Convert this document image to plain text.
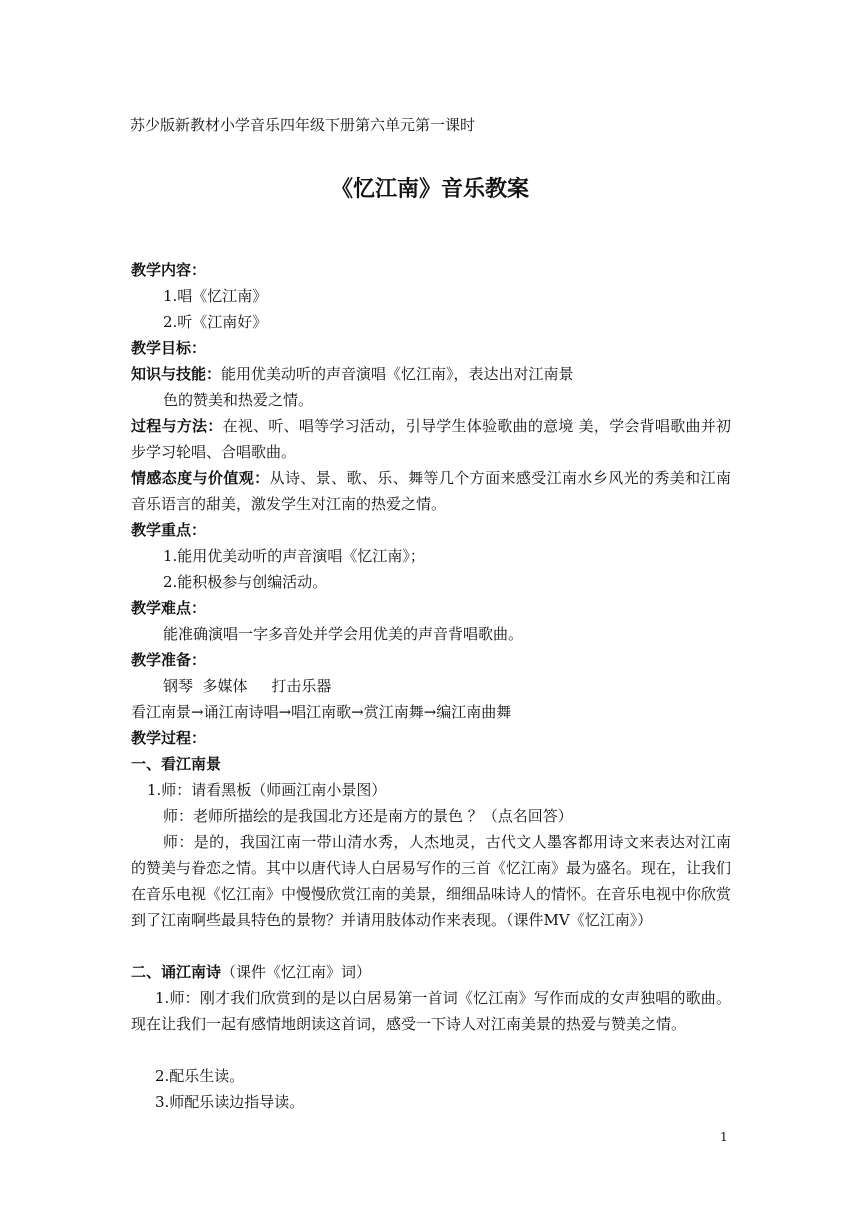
苏少版新教材小学音乐四年级下册第六单元第一课时
《忆江南》音乐教案
教学内容：
1.唱《忆江南》
2.听《江南好》
教学目标：
知识与技能：能用优美动听的声音演唱《忆江南》，表达出对江南景
色的赞美和热爱之情。
过程与方法：在视、听、唱等学习活动，引导学生体验歌曲的意境 美，学会背唱歌曲并初 步学习轮唱、合唱歌曲。
情感态度与价值观：从诗、景、歌、乐、舞等几个方面来感受江南水乡风光的秀美和江南音乐语言的甜美，激发学生对江南的热爱之情。
教学重点：
1.能用优美动听的声音演唱《忆江南》；
2.能积极参与创编活动。
教学难点：
能准确演唱一字多音处并学会用优美的声音背唱歌曲。
教学准备：
钢琴  多媒体     打击乐器
看江南景→诵江南诗唱→唱江南歌→赏江南舞→编江南曲舞
教学过程：
一、看江南景
1.师：请看黑板（师画江南小景图）
师：老师所描绘的是我国北方还是南方的景色 ？（点名回答）
师：是的，我国江南一带山清水秀，人杰地灵，古代文人墨客都用诗文来表达对江南的赞美与眷恋之情。其中以唐代诗人白居易写作的三首《忆江南》最为盛名。现在，让我们在音乐电视《忆江南》中慢慢欣赏江南的美景，细细品味诗人的情怀。在音乐电视中你欣赏到了江南啊些最具特色的景物？并请用肢体动作来表现。（课件MV《忆江南》）
二、诵江南诗（课件《忆江南》词）
1.师：刚才我们欣赏到的是以白居易第一首词《忆江南》写作而成的女声独唱的歌曲。现在让我们一起有感情地朗读这首词，感受一下诗人对江南美景的热爱与赞美之情。
2.配乐生读。
3.师配乐读边指导读。
1
